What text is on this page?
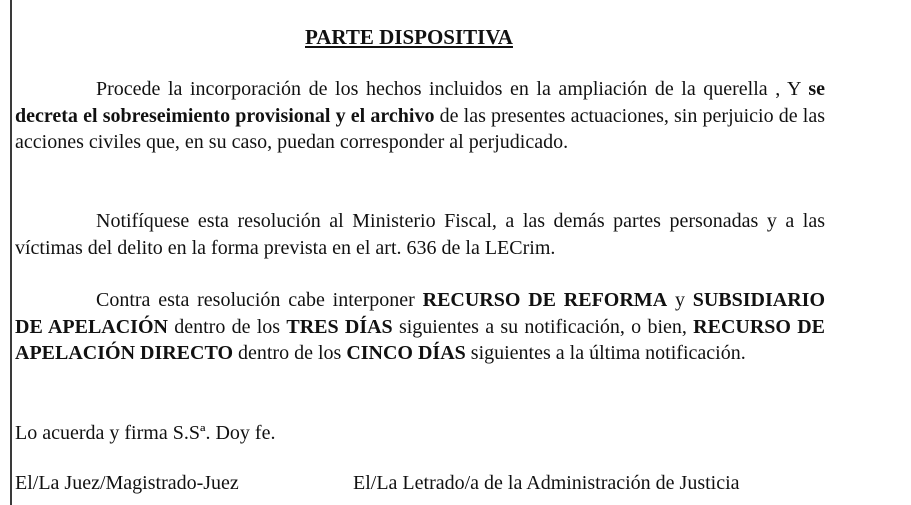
PARTE DISPOSITIVA
Procede la incorporación de los hechos incluidos en la ampliación de la querella , Y se decreta el sobreseimiento provisional y el archivo de las presentes actuaciones, sin perjuicio de las acciones civiles que, en su caso, puedan corresponder al perjudicado.
Notifíquese esta resolución al Ministerio Fiscal, a las demás partes personadas y a las víctimas del delito en la forma prevista en el art. 636 de la LECrim.
Contra esta resolución cabe interponer RECURSO DE REFORMA y SUBSIDIARIO DE APELACIÓN dentro de los TRES DÍAS siguientes a su notificación, o bien, RECURSO DE APELACIÓN DIRECTO dentro de los CINCO DÍAS siguientes a la última notificación.
Lo acuerda y firma S.Sª. Doy fe.
El/La Juez/Magistrado-Juez	El/La Letrado/a de la Administración de Justicia
